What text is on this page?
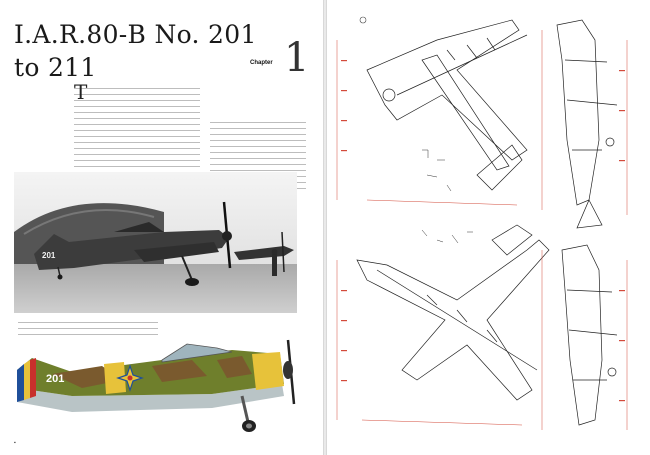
I.A.R.80-B No. 201
to 211	Chapter 1
T
201
201
▪
